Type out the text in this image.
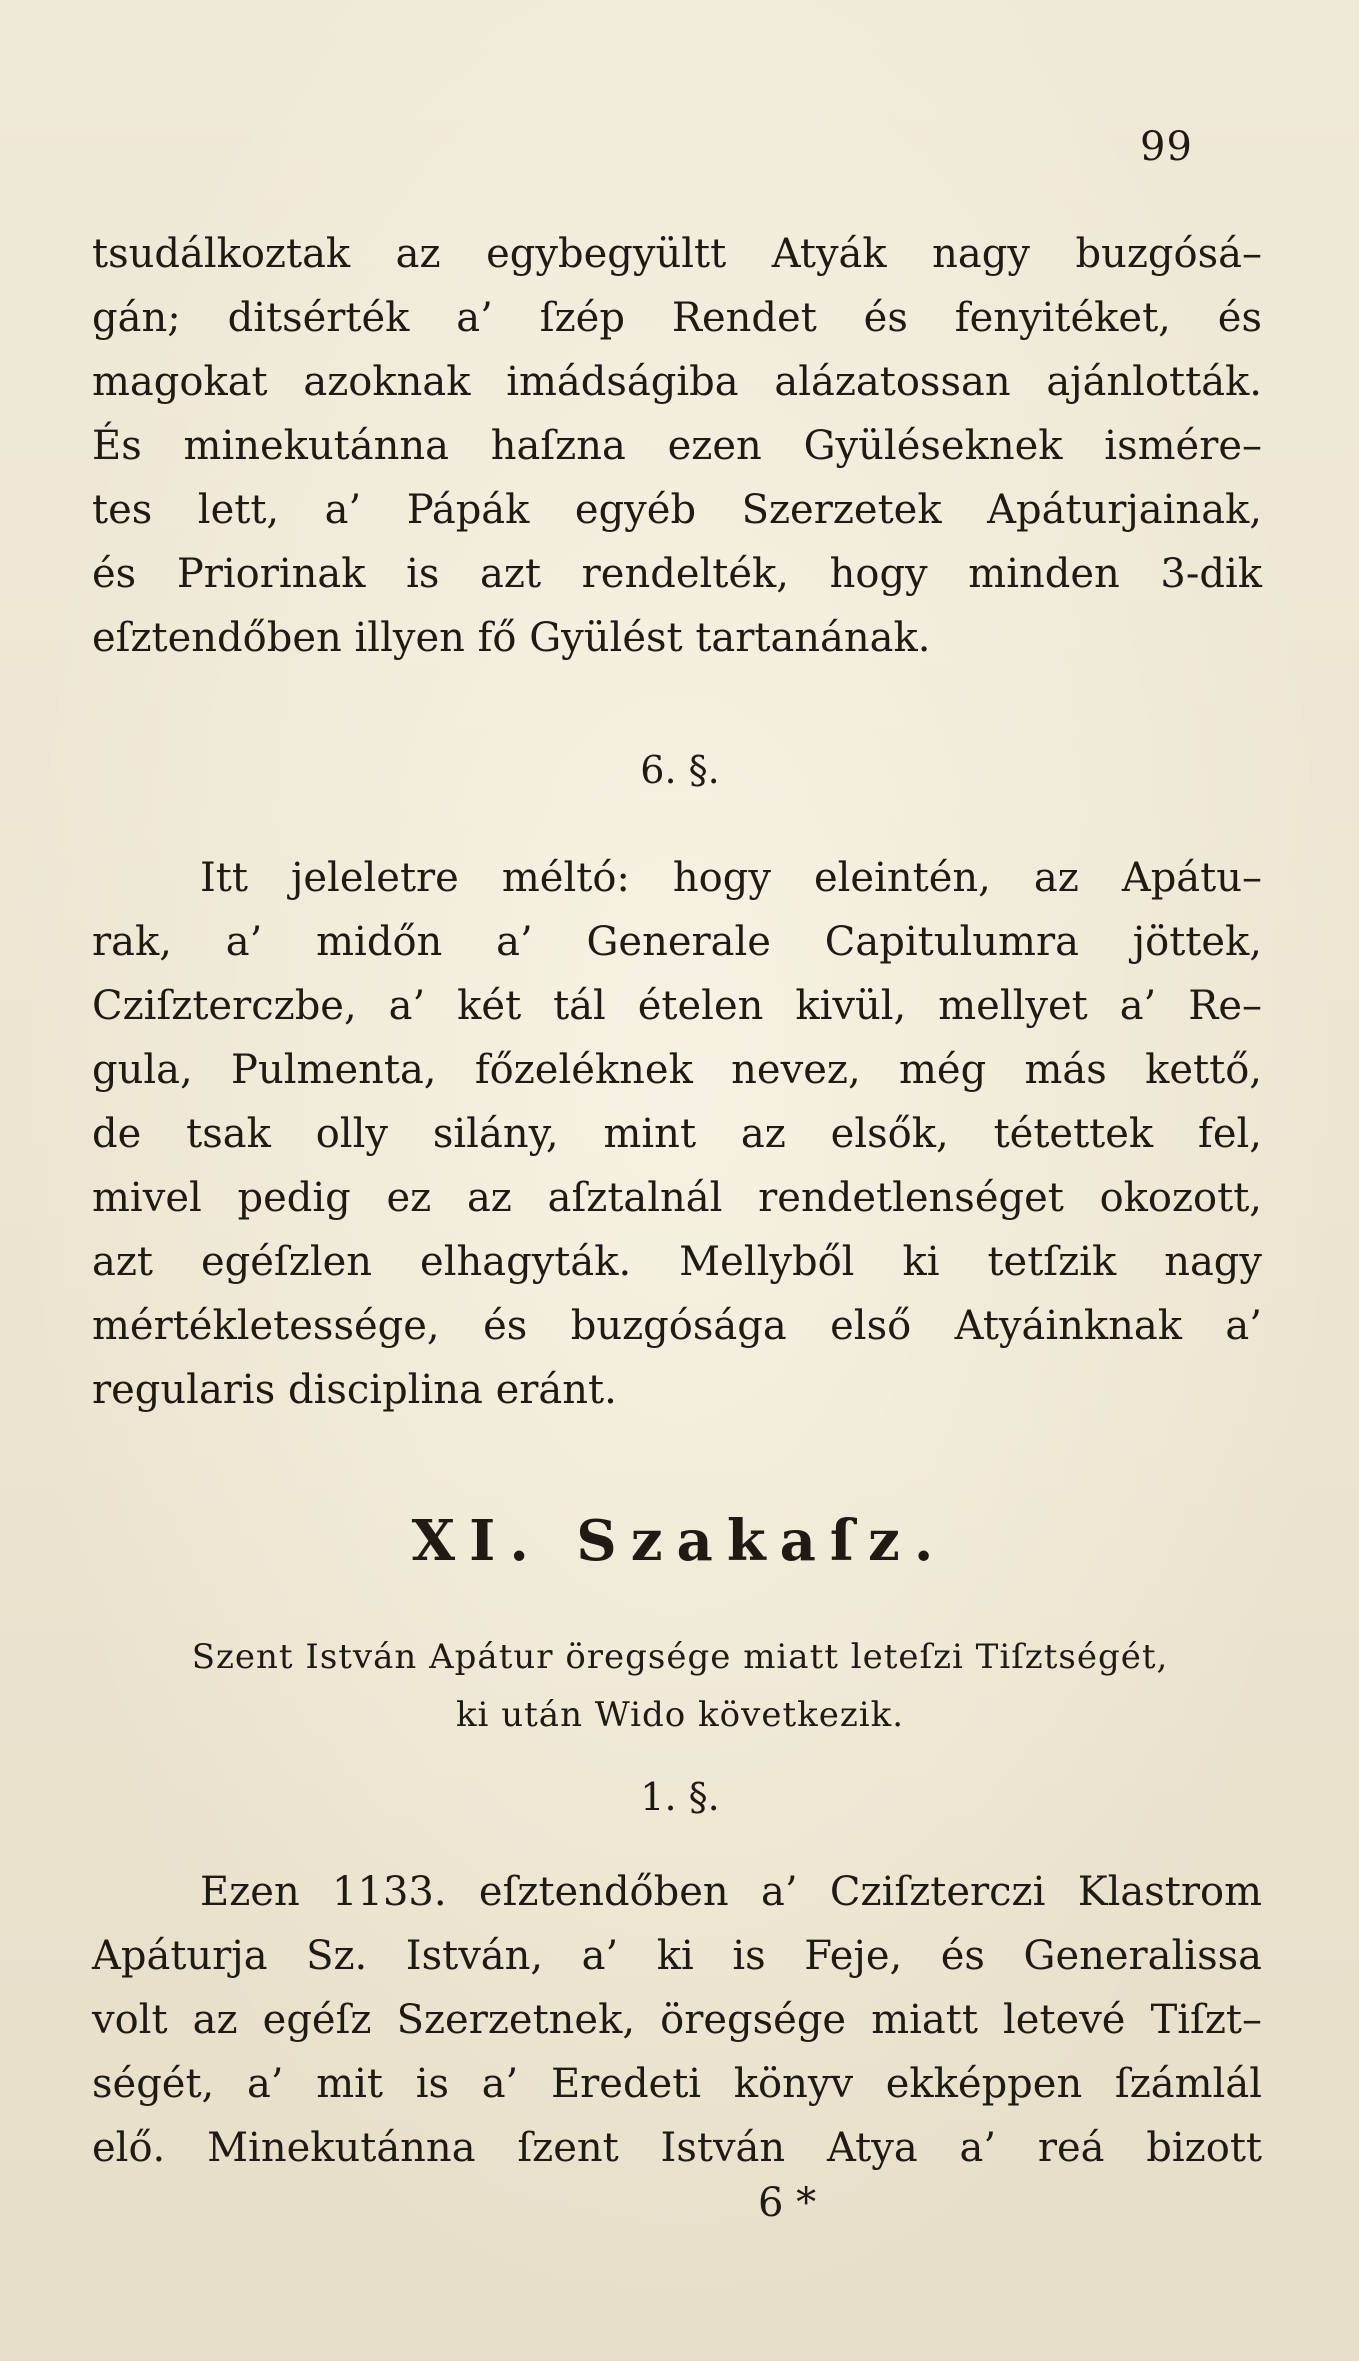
99
tsudálkoztak az egybegyültt Atyák nagy buzgósá–
gán; ditsérték a’ ſzép Rendet és fenyitéket, és
magokat azoknak imádságiba alázatossan ajánlották.
És minekutánna haſzna ezen Gyüléseknek ismére–
tes lett, a’ Pápák egyéb Szerzetek Apáturjainak,
és Priorinak is azt rendelték, hogy minden 3-dik
eſztendőben illyen fő Gyülést tartanának.
6. §.
Itt jeleletre méltó: hogy eleintén, az Apátu–
rak, a’ midőn a’ Generale Capitulumra jöttek,
Cziſzterczbe, a’ két tál ételen kivül, mellyet a’ Re–
gula, Pulmenta, főzeléknek nevez, még más kettő,
de tsak olly silány, mint az elsők, tétettek fel,
mivel pedig ez az aſztalnál rendetlenséget okozott,
azt egéſzlen elhagyták. Mellyből ki tetſzik nagy
mértékletessége, és buzgósága első Atyáinknak a’
regularis disciplina eránt.
XI. Szakaſz.
Szent István Apátur öregsége miatt leteſzi Tiſztségét,
ki után Wido következik.
1. §.
Ezen 1133. eſztendőben a’ Cziſzterczi Klastrom
Apáturja Sz. István, a’ ki is Feje, és Generalissa
volt az egéſz Szerzetnek, öregsége miatt letevé Tiſzt–
ségét, a’ mit is a’ Eredeti könyv ekképpen ſzámlál
elő. Minekutánna ſzent István Atya a’ reá bizott
6 *
